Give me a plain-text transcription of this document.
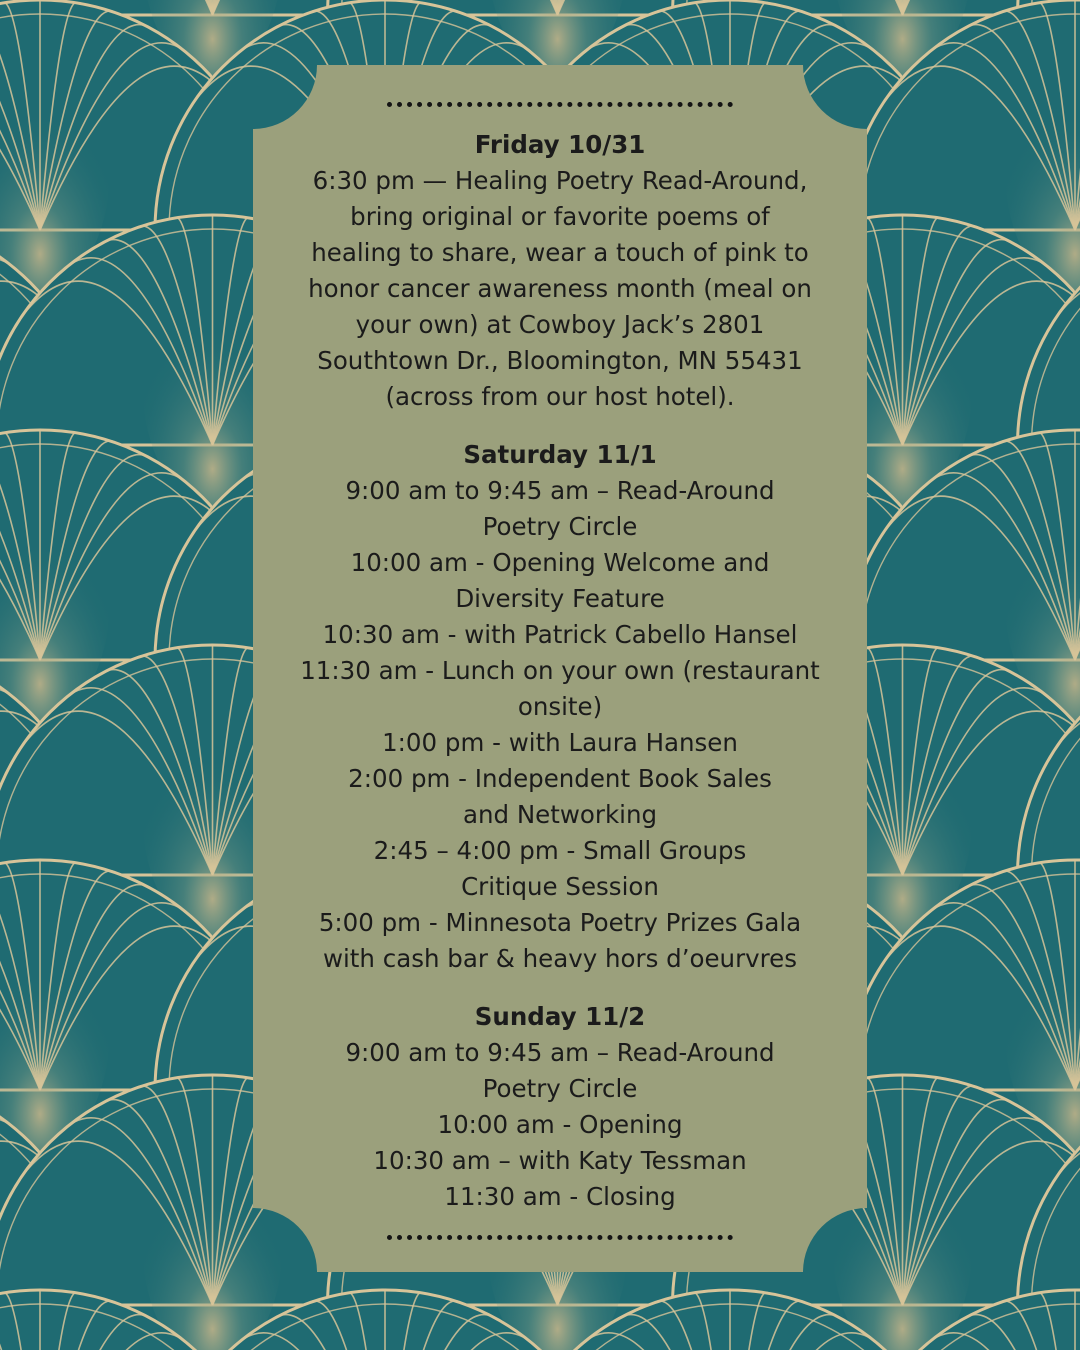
Friday 10/31
6:30 pm — Healing Poetry Read-Around,
bring original or favorite poems of
healing to share, wear a touch of pink to
honor cancer awareness month (meal on
your own) at Cowboy Jack’s 2801
Southtown Dr., Bloomington, MN 55431
(across from our host hotel).
Saturday 11/1
9:00 am to 9:45 am – Read-Around
Poetry Circle
10:00 am - Opening Welcome and
Diversity Feature
10:30 am - with Patrick Cabello Hansel
11:30 am - Lunch on your own (restaurant
onsite)
1:00 pm - with Laura Hansen
2:00 pm - Independent Book Sales
and Networking
2:45 – 4:00 pm - Small Groups
Critique Session
5:00 pm - Minnesota Poetry Prizes Gala
with cash bar & heavy hors d’oeurvres
Sunday 11/2
9:00 am to 9:45 am – Read-Around
Poetry Circle
10:00 am - Opening
10:30 am – with Katy Tessman
11:30 am - Closing
